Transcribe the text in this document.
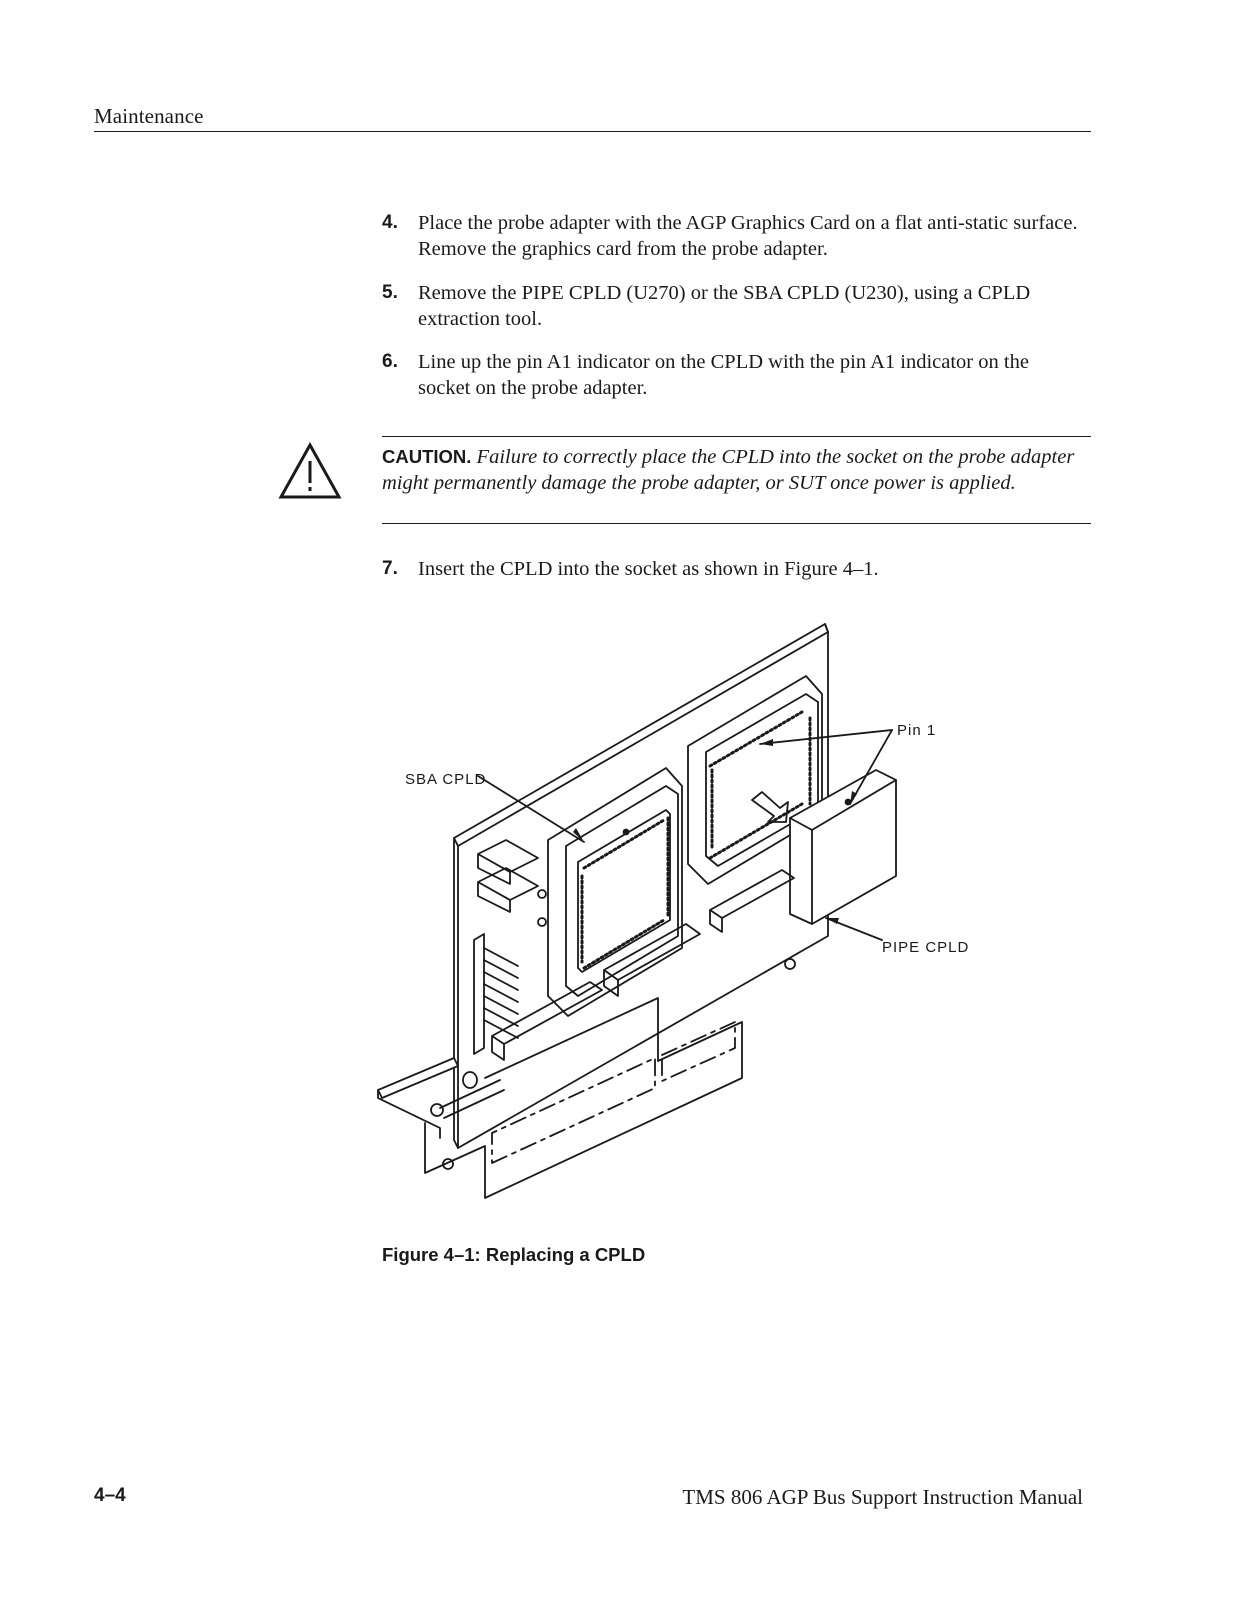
Maintenance
4. Place the probe adapter with the AGP Graphics Card on a flat anti-static surface. Remove the graphics card from the probe adapter.
5. Remove the PIPE CPLD (U270) or the SBA CPLD (U230), using a CPLD extraction tool.
6. Line up the pin A1 indicator on the CPLD with the pin A1 indicator on the socket on the probe adapter.
CAUTION. Failure to correctly place the CPLD into the socket on the probe adapter might permanently damage the probe adapter, or SUT once power is applied.
7. Insert the CPLD into the socket as shown in Figure 4–1.
Pin 1
SBA CPLD
PIPE CPLD
Figure 4–1: Replacing a CPLD
4–4	TMS 806 AGP Bus Support Instruction Manual
